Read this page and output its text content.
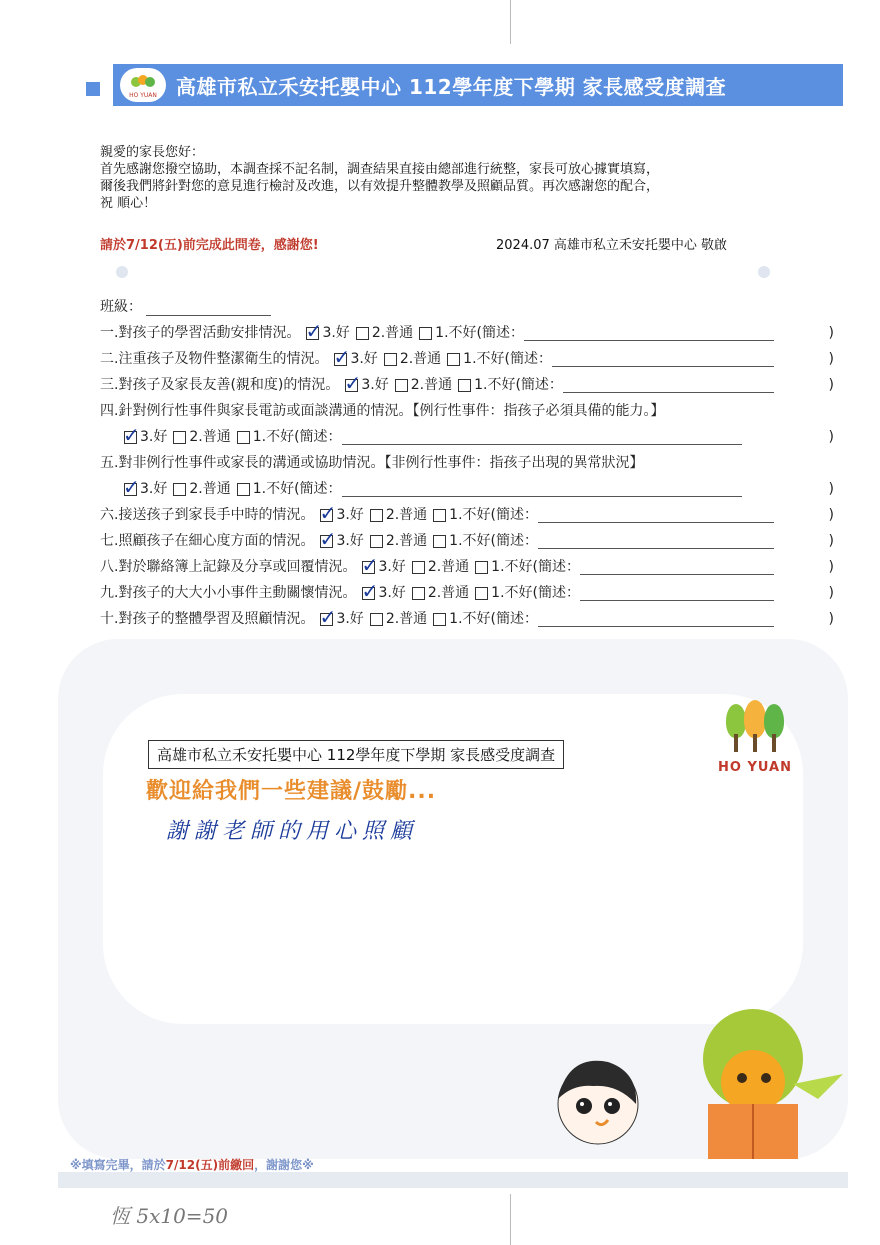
HO YUAN 高雄市私立禾安托嬰中心 112學年度下學期 家長感受度調查

親愛的家長您好：

首先感謝您撥空協助，本調查採不記名制，調查結果直接由總部進行統整，家長可放心據實填寫，

爾後我們將針對您的意見進行檢討及改進，以有效提升整體教學及照顧品質。再次感謝您的配合，

祝 順心！

請於7/12(五)前完成此問卷，感謝您!	2024.07 高雄市私立禾安托嬰中心 敬啟
班級：
一.對孩子的學習活動安排情況。 ✓ 3.好 2.普通 1.不好(簡述：	)
二.注重孩子及物件整潔衛生的情況。 ✓ 3.好 2.普通 1.不好(簡述：	)
三.對孩子及家長友善(親和度)的情況。 ✓ 3.好 2.普通 1.不好(簡述：	)
四.針對例行性事件與家長電訪或面談溝通的情況。【例行性事件：指孩子必須具備的能力。】
✓ 3.好 2.普通 1.不好(簡述：	)
五.對非例行性事件或家長的溝通或協助情況。【非例行性事件：指孩子出現的異常狀況】
✓ 3.好 2.普通 1.不好(簡述：	)
六.接送孩子到家長手中時的情況。 ✓ 3.好 2.普通 1.不好(簡述：	)
七.照顧孩子在細心度方面的情況。 ✓ 3.好 2.普通 1.不好(簡述：	)
八.對於聯絡簿上記錄及分享或回覆情況。 ✓ 3.好 2.普通 1.不好(簡述：	)
九.對孩子的大大小小事件主動關懷情況。 ✓ 3.好 2.普通 1.不好(簡述：	)
十.對孩子的整體學習及照顧情況。 ✓ 3.好 2.普通 1.不好(簡述：	)
HO YUAN
高雄市私立禾安托嬰中心 112學年度下學期 家長感受度調查
歡迎給我們一些建議/鼓勵...
謝謝老師的用心照顧
※填寫完畢，請於7/12(五)前繳回，謝謝您※
恆 5x10=50
